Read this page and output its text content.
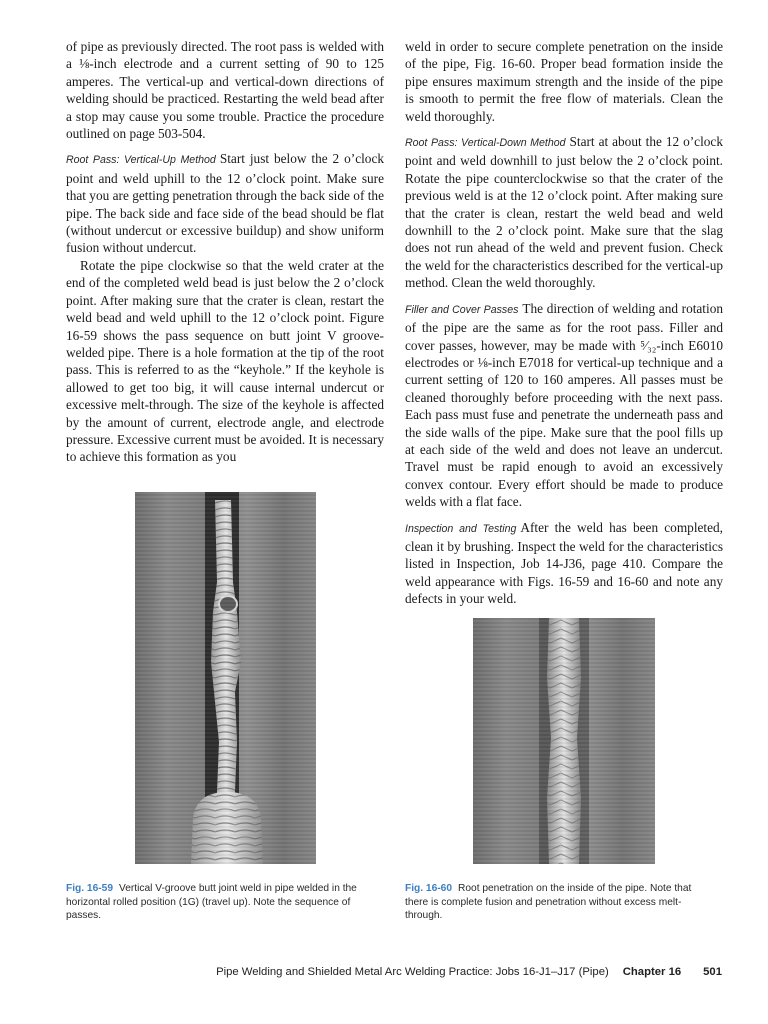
of pipe as previously directed. The root pass is welded with a ⅛-inch electrode and a current setting of 90 to 125 amperes. The vertical-up and vertical-down directions of welding should be practiced. Restarting the weld bead after a stop may cause you some trouble. Practice the procedure outlined on page 503-504.

Root Pass: Vertical-Up Method Start just below the 2 o’clock point and weld uphill to the 12 o’clock point. Make sure that you are getting penetration through the back side of the pipe. The back side and face side of the bead should be flat (without undercut or excessive buildup) and show uniform fusion without undercut.

Rotate the pipe clockwise so that the weld crater at the end of the completed weld bead is just below the 2 o’clock point. After making sure that the crater is clean, restart the weld bead and weld uphill to the 12 o’clock point. Figure 16-59 shows the pass sequence on butt joint V groove-welded pipe. There is a hole formation at the tip of the root pass. This is referred to as the “keyhole.” If the keyhole is allowed to get too big, it will cause internal undercut or excessive melt-through. The size of the keyhole is affected by the amount of current, electrode angle, and electrode pressure. Excessive current must be avoided. It is necessary to achieve this formation as you

weld in order to secure complete penetration on the inside of the pipe, Fig. 16-60. Proper bead formation inside the pipe ensures maximum strength and the inside of the pipe is smooth to permit the free flow of materials. Clean the weld thoroughly.

Root Pass: Vertical-Down Method Start at about the 12 o’clock point and weld downhill to just below the 2 o’clock point. Rotate the pipe counterclockwise so that the crater of the previous weld is at the 12 o’clock point. After making sure that the crater is clean, restart the weld bead and weld downhill to the 2 o’clock point. Make sure that the slag does not run ahead of the weld and prevent fusion. Check the weld for the characteristics described for the vertical-up method. Clean the weld thoroughly.

Filler and Cover Passes The direction of welding and rotation of the pipe are the same as for the root pass. Filler and cover passes, however, may be made with ⁵⁄₃₂-inch E6010 electrodes or ⅛-inch E7018 for vertical-up technique and a current setting of 120 to 160 amperes. All passes must be cleaned thoroughly before proceeding with the next pass. Each pass must fuse and penetrate the underneath pass and the side walls of the pipe. Make sure that the pool fills up at each side of the weld and does not leave an undercut. Travel must be rapid enough to avoid an excessively convex contour. Every effort should be made to produce welds with a flat face.

Inspection and Testing After the weld has been completed, clean it by brushing. Inspect the weld for the characteristics listed in Inspection, Job 14-J36, page 410. Compare the weld appearance with Figs. 16-59 and 16-60 and note any defects in your weld.

Fig. 16-59 Vertical V-groove butt joint weld in pipe welded in the horizontal rolled position (1G) (travel up). Note the sequence of passes.
Fig. 16-60 Root penetration on the inside of the pipe. Note that there is complete fusion and penetration without excess melt-through.
Pipe Welding and Shielded Metal Arc Welding Practice: Jobs 16-J1–J17 (Pipe) Chapter 16 501
